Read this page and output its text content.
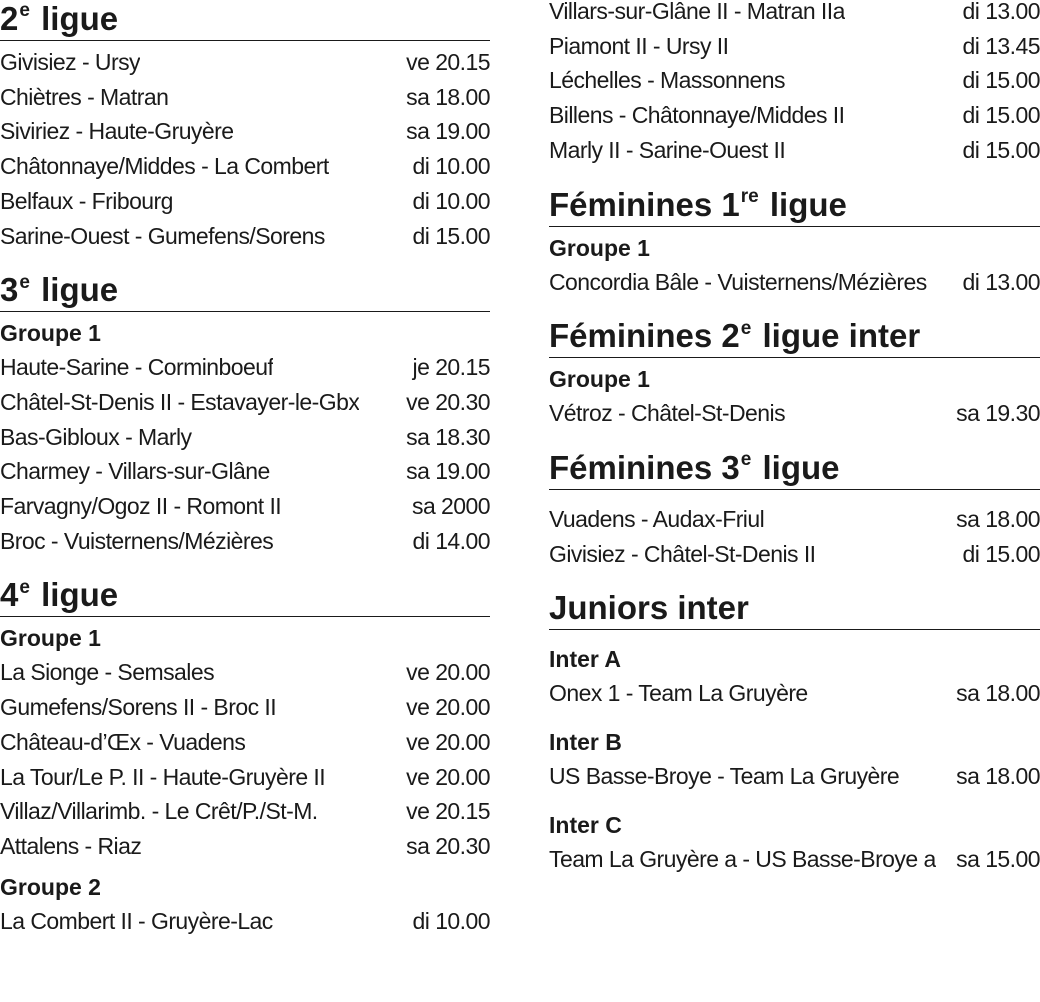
2e ligue
Givisiez - Ursy	ve 20.15
Chiètres - Matran	sa 18.00
Siviriez - Haute-Gruyère	sa 19.00
Châtonnaye/Middes - La Combert	di 10.00
Belfaux - Fribourg	di 10.00
Sarine-Ouest - Gumefens/Sorens	di 15.00
3e ligue
Groupe 1
Haute-Sarine - Corminboeuf	je 20.15
Châtel-St-Denis II - Estavayer-le-Gbx	ve 20.30
Bas-Gibloux - Marly	sa 18.30
Charmey - Villars-sur-Glâne	sa 19.00
Farvagny/Ogoz II - Romont II	sa 2000
Broc - Vuisternens/Mézières	di 14.00
4e ligue
Groupe 1
La Sionge - Semsales	ve 20.00
Gumefens/Sorens II - Broc II	ve 20.00
Château-d’Œx - Vuadens	ve 20.00
La Tour/Le P. II - Haute-Gruyère II	ve 20.00
Villaz/Villarimb. - Le Crêt/P./St-M.	ve 20.15
Attalens - Riaz	sa 20.30
Groupe 2
La Combert II - Gruyère-Lac	di 10.00
Villars-sur-Glâne II - Matran IIa	di 13.00
Piamont II - Ursy II	di 13.45
Léchelles - Massonnens	di 15.00
Billens - Châtonnaye/Middes II	di 15.00
Marly II - Sarine-Ouest II	di 15.00
Féminines 1re ligue
Groupe 1
Concordia Bâle - Vuisternens/Mézières	di 13.00
Féminines 2e ligue inter
Groupe 1
Vétroz - Châtel-St-Denis	sa 19.30
Féminines 3e ligue
Vuadens - Audax-Friul	sa 18.00
Givisiez - Châtel-St-Denis II	di 15.00
Juniors inter
Inter A
Onex 1 - Team La Gruyère	sa 18.00
Inter B
US Basse-Broye - Team La Gruyère	sa 18.00
Inter C
Team La Gruyère a - US Basse-Broye a sa 15.00
